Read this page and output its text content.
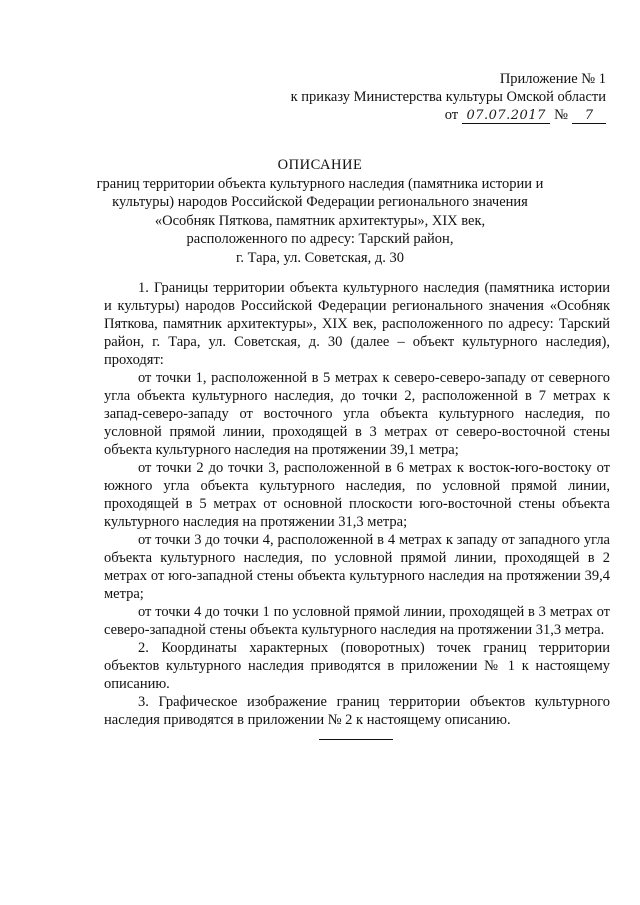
Приложение № 1
к приказу Министерства культуры Омской области
от 07.07.2017 №	7
ОПИСАНИЕ
границ территории объекта культурного наследия (памятника истории и
культуры) народов Российской Федерации регионального значения
«Особняк Пяткова, памятник архитектуры», XIX век,
расположенного по адресу: Тарский район,
г. Тара, ул. Советская, д. 30

1. Границы территории объекта культурного наследия (памятника истории и культуры) народов Российской Федерации регионального значения «Особняк Пяткова, памятник архитектуры», XIX век, расположенного по адресу: Тарский район, г. Тара, ул. Советская, д. 30 (далее – объект культурного наследия), проходят:

от точки 1, расположенной в 5 метрах к северо-северо-западу от северного угла объекта культурного наследия, до точки 2, расположенной в 7 метрах к запад-северо-западу от восточного угла объекта культурного наследия, по условной прямой линии, проходящей в 3 метрах от северо-восточной стены объекта культурного наследия на протяжении 39,1 метра;

от точки 2 до точки 3, расположенной в 6 метрах к восток-юго-востоку от южного угла объекта культурного наследия, по условной прямой линии, проходящей в 5 метрах от основной плоскости юго-восточной стены объекта культурного наследия на протяжении 31,3 метра;

от точки 3 до точки 4, расположенной в 4 метрах к западу от западного угла объекта культурного наследия, по условной прямой линии, проходящей в 2 метрах от юго-западной стены объекта культурного наследия на протяжении 39,4 метра;

от точки 4 до точки 1 по условной прямой линии, проходящей в 3 метрах от северо-западной стены объекта культурного наследия на протяжении 31,3 метра.

2. Координаты характерных (поворотных) точек границ территории объектов культурного наследия приводятся в приложении № 1 к настоящему описанию.

3. Графическое изображение границ территории объектов культурного наследия приводятся в приложении № 2 к настоящему описанию.
